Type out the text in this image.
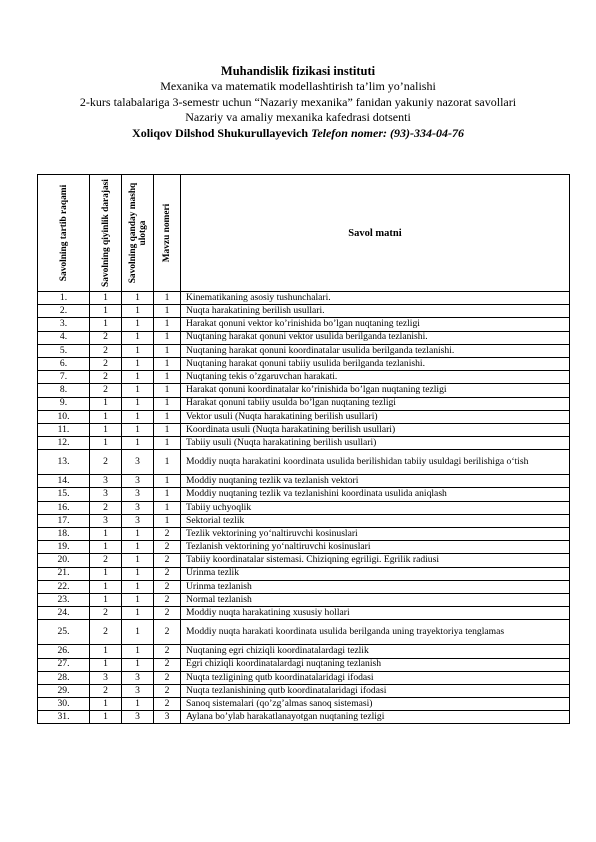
Muhandislik fizikasi instituti
Mexanika va matematik modellashtirish ta’lim yo’nalishi
2-kurs talabalariga 3-semestr uchun “Nazariy mexanika” fanidan yakuniy nazorat savollari
Nazariy va amaliy mexanika kafedrasi dotsenti
Xoliqov Dilshod Shukurullayevich Telefon nomer: (93)-334-04-76
Savolning tartib raqami	Savolning qiyinlik darajasi	Savolning qanday mashq ulotga	Mavzu nomeri	Savol matni
1.	1	1	1	Kinematikaning asosiy tushunchalari.
2.	1	1	1	Nuqta harakatining berilish usullari.
3.	1	1	1	Harakat qonuni vektor ko’rinishida bo’lgan nuqtaning tezligi
4.	2	1	1	Nuqtaning harakat qonuni vektor usulida berilganda tezlanishi.
5.	2	1	1	Nuqtaning harakat qonuni koordinatalar usulida berilganda tezlanishi.
6.	2	1	1	Nuqtaning harakat qonuni tabiiy usulida berilganda tezlanishi.
7.	2	1	1	Nuqtaning tekis o’zgaruvchan harakati.
8.	2	1	1	Harakat qonuni koordinatalar ko’rinishida bo’lgan nuqtaning tezligi
9.	1	1	1	Harakat qonuni tabiiy usulda bo’lgan nuqtaning tezligi
10.	1	1	1	Vektor usuli (Nuqta harakatining berilish usullari)
11.	1	1	1	Koordinata usuli (Nuqta harakatining berilish usullari)
12.	1	1	1	Tabiiy usuli (Nuqta harakatining berilish usullari)
13.	2	3	1	Moddiy nuqta harakatini koordinata usulida berilishidan tabiiy usuldagi berilishiga o‘tish
14.	3	3	1	Moddiy nuqtaning tezlik va tezlanish vektori
15.	3	3	1	Moddiy nuqtaning tezlik va tezlanishini koordinata usulida aniqlash
16.	2	3	1	Tabiiy uchyoqlik
17.	3	3	1	Sektorial tezlik
18.	1	1	2	Tezlik vektorining yo‘naltiruvchi kosinuslari
19.	1	1	2	Tezlanish vektorining yo‘naltiruvchi kosinuslari
20.	2	1	2	Tabiiy koordinatalar sistemasi. Chiziqning egriligi. Egrilik radiusi
21.	1	1	2	Urinma tezlik
22.	1	1	2	Urinma tezlanish
23.	1	1	2	Normal tezlanish
24.	2	1	2	Moddiy nuqta harakatining xususiy hollari
25.	2	1	2	Moddiy nuqta harakati koordinata usulida berilganda uning trayektoriya tenglamas
26.	1	1	2	Nuqtaning egri chiziqli koordinatalardagi tezlik
27.	1	1	2	Egri chiziqli koordinatalardagi nuqtaning tezlanish
28.	3	3	2	Nuqta tezligining qutb koordinatalaridagi ifodasi
29.	2	3	2	Nuqta tezlanishining qutb koordinatalaridagi ifodasi
30.	1	1	2	Sanoq sistemalari (qo’zg’almas sanoq sistemasi)
31.	1	3	3	Aylana bo’ylab harakatlanayotgan nuqtaning tezligi
